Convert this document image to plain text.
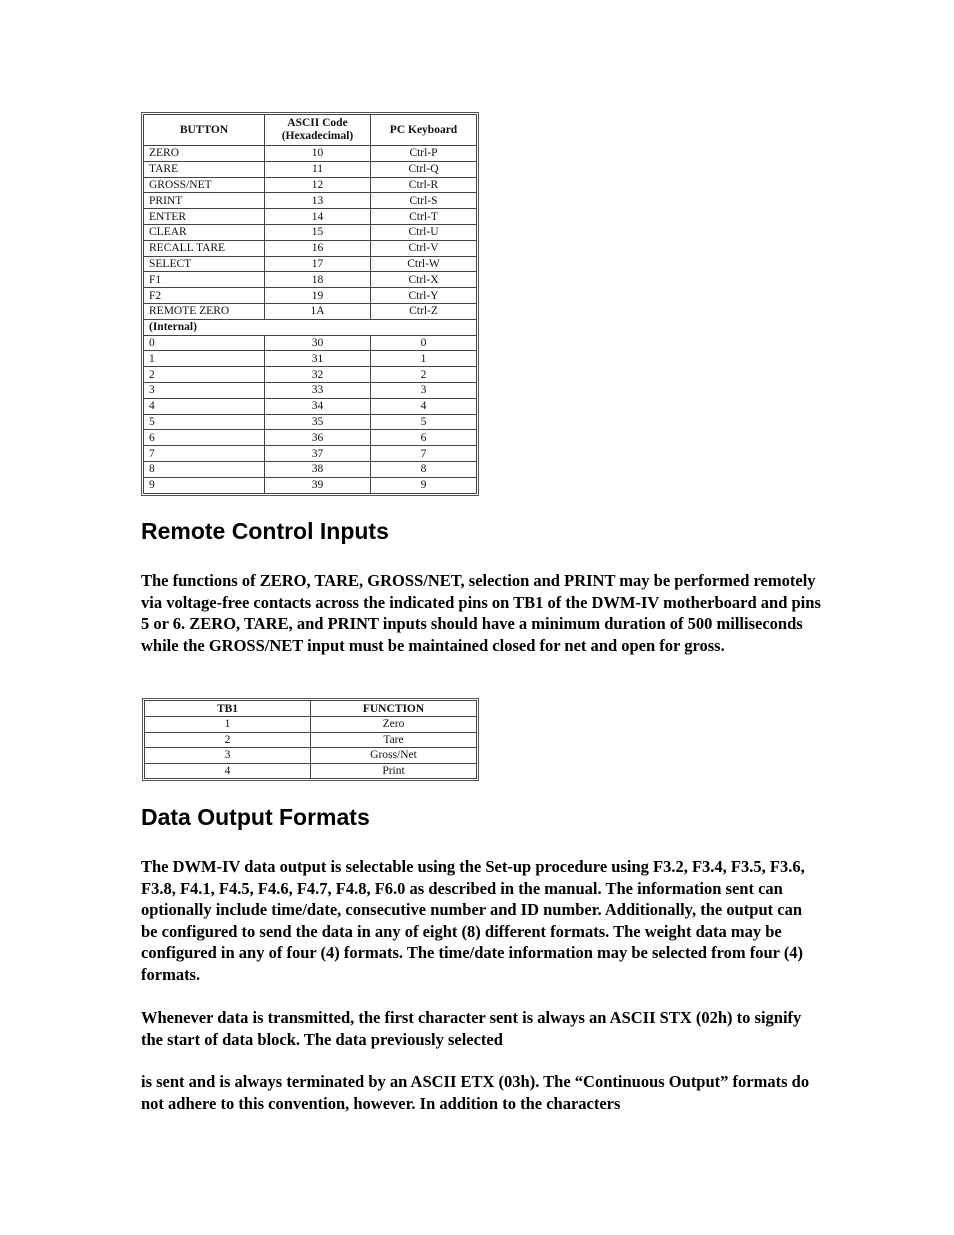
BUTTON	ASCII Code (Hexadecimal)	PC Keyboard
ZERO	10	Ctrl-P
TARE	11	Ctrl-Q
GROSS/NET	12	Ctrl-R
PRINT	13	Ctrl-S
ENTER	14	Ctrl-T
CLEAR	15	Ctrl-U
RECALL TARE	16	Ctrl-V
SELECT	17	Ctrl-W
F1	18	Ctrl-X
F2	19	Ctrl-Y
REMOTE ZERO	1A	Ctrl-Z
(Internal)		
0	30	0
1	31	1
2	32	2
3	33	3
4	34	4
5	35	5
6	36	6
7	37	7
8	38	8
9	39	9
Remote Control Inputs

The functions of ZERO, TARE, GROSS/NET, selection and PRINT may be performed remotely via voltage-free contacts across the indicated pins on TB1 of the DWM-IV motherboard and pins 5 or 6. ZERO, TARE, and PRINT inputs should have a minimum duration of 500 milliseconds while the GROSS/NET input must be maintained closed for net and open for gross.

TB1	FUNCTION
1	Zero
2	Tare
3	Gross/Net
4	Print
Data Output Formats

The DWM-IV data output is selectable using the Set-up procedure using F3.2, F3.4, F3.5, F3.6, F3.8, F4.1, F4.5, F4.6, F4.7, F4.8, F6.0 as described in the manual. The information sent can optionally include time/date, consecutive number and ID number. Additionally, the output can be configured to send the data in any of eight (8) different formats. The weight data may be configured in any of four (4) formats. The time/date information may be selected from four (4) formats.

Whenever data is transmitted, the first character sent is always an ASCII STX (02h) to signify the start of data block. The data previously selected

is sent and is always terminated by an ASCII ETX (03h). The “Continuous Output” formats do not adhere to this convention, however. In addition to the characters
